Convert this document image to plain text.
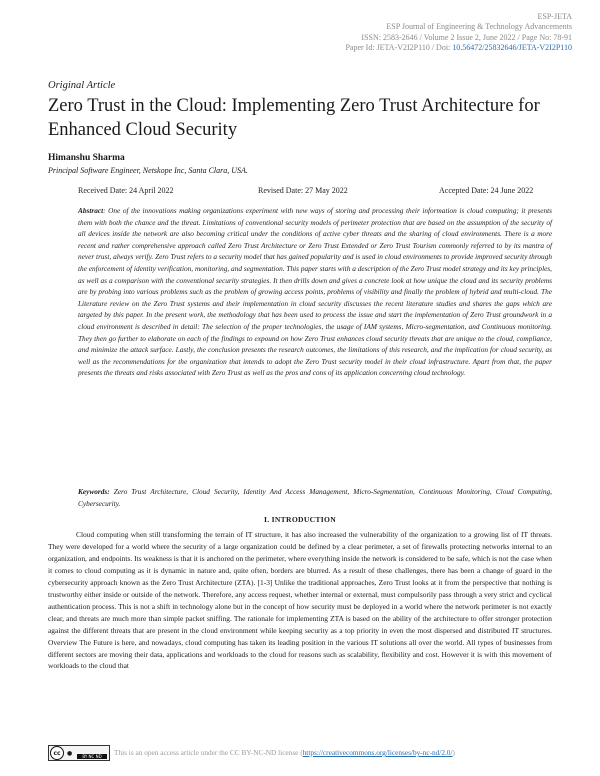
ESP-JETA
ESP Journal of Engineering & Technology Advancements
ISSN: 2583-2646 / Volume 2 Issue 2, June 2022 / Page No: 78-91
Paper Id: JETA-V2I2P110 / Doi: 10.56472/25832646/JETA-V2I2P110
Original Article
Zero Trust in the Cloud: Implementing Zero Trust Architecture for Enhanced Cloud Security
Himanshu Sharma
Principal Software Engineer, Netskope Inc, Santa Clara, USA.
Received Date: 24 April 2022	Revised Date: 27 May 2022	Accepted Date: 24 June 2022
Abstract: One of the innovations making organizations experiment with new ways of storing and processing their information is cloud computing; it presents them with both the chance and the threat. Limitations of conventional security models of perimeter protection that are based on the assumption of the security of all devices inside the network are also becoming critical under the conditions of active cyber threats and the sharing of cloud environments. There is a more recent and rather comprehensive approach called Zero Trust Architecture or Zero Trust Extended or Zero Trust Tourism commonly referred to by its mantra of never trust, always verify. Zero Trust refers to a security model that has gained popularity and is used in cloud environments to provide improved security through the enforcement of identity verification, monitoring, and segmentation. This paper starts with a description of the Zero Trust model strategy and its key principles, as well as a comparison with the conventional security strategies. It then drills down and gives a concrete look at how unique the cloud and its security problems are by probing into various problems such as the problem of growing access points, problems of visibility and finally the problem of hybrid and multi-cloud. The Literature review on the Zero Trust systems and their implementation in cloud security discusses the recent literature studies and shares the gaps which are targeted by this paper. In the present work, the methodology that has been used to process the issue and start the implementation of Zero Trust groundwork in a cloud environment is described in detail: The selection of the proper technologies, the usage of IAM systems, Micro-segmentation, and Continuous monitoring. They then go further to elaborate on each of the findings to expound on how Zero Trust enhances cloud security threats that are unique to the cloud, compliance, and minimize the attack surface. Lastly, the conclusion presents the research outcomes, the limitations of this research, and the implication for cloud security, as well as the recommendations for the organization that intends to adopt the Zero Trust security model in their cloud infrastructure. Apart from that, the paper presents the threats and risks associated with Zero Trust as well as the pros and cons of its application concerning cloud technology.
Keywords: Zero Trust Architecture, Cloud Security, Identity And Access Management, Micro-Segmentation, Continuous Monitoring, Cloud Computing, Cybersecurity.
I. INTRODUCTION
Cloud computing when still transforming the terrain of IT structure, it has also increased the vulnerability of the organization to a growing list of IT threats. They were developed for a world where the security of a large organization could be defined by a clear perimeter, a set of firewalls protecting networks internal to an organization, and endpoints. Its weakness is that it is anchored on the perimeter, where everything inside the network is considered to be safe, which is not the case when it comes to cloud computing as it is dynamic in nature and, quite often, borders are blurred. As a result of these challenges, there has been a change of guard in the cybersecurity approach known as the Zero Trust Architecture (ZTA). [1-3] Unlike the traditional approaches, Zero Trust looks at it from the perspective that nothing is trustworthy either inside or outside of the network. Therefore, any access request, whether internal or external, must compulsorily pass through a very strict and cyclical authentication process. This is not a shift in technology alone but in the concept of how security must be deployed in a world where the network perimeter is not exactly clear, and threats are much more than simple packet sniffing. The rationale for implementing ZTA is based on the ability of the architecture to offer stronger protection against the different threats that are present in the cloud environment while keeping security as a top priority in even the most dispersed and distributed IT structures. Overview The Future is here, and nowadays, cloud computing has taken its leading position in the various IT solutions all over the world. All types of businesses from different sectors are moving their data, applications and workloads to the cloud for reasons such as scalability, flexibility and cost. However it is with this movement of workloads to the cloud that
cc	●	BY NC ND	This is an open access article under the CC BY-NC-ND license (https://creativecommons.org/licenses/by-nc-nd/2.0/)
